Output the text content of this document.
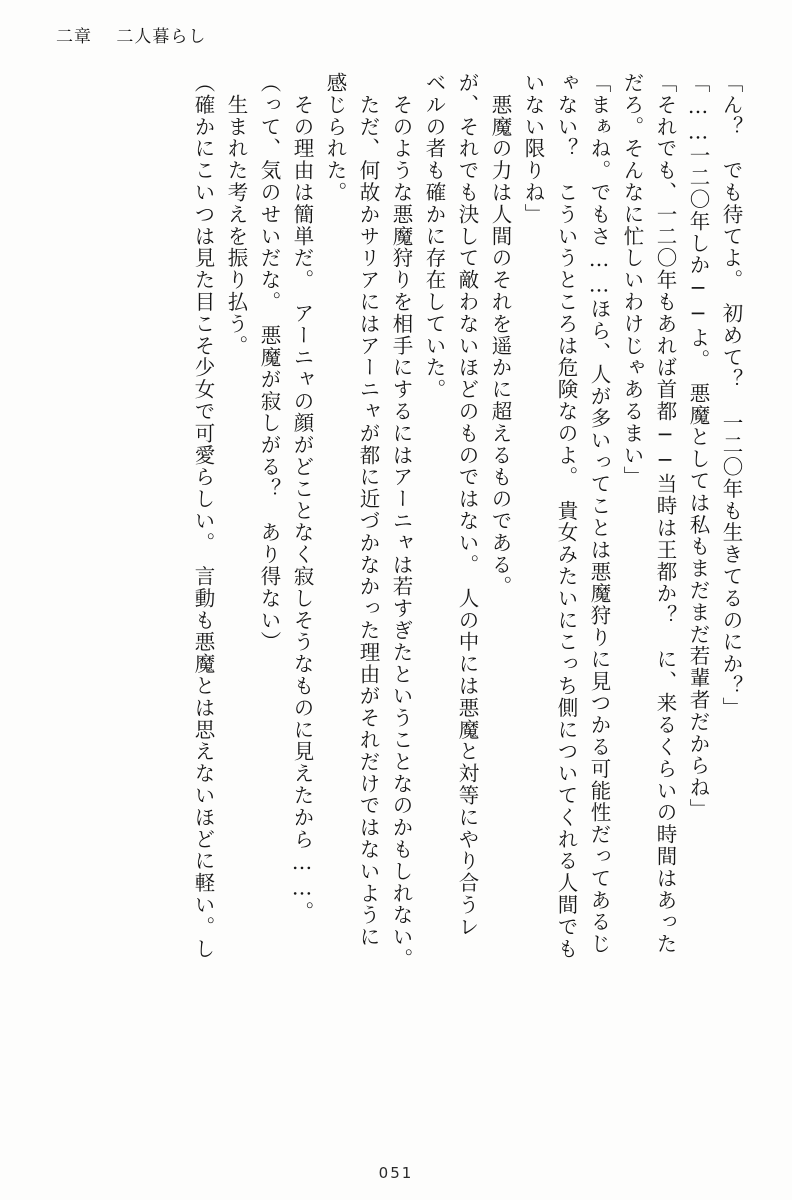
二章 二人暮らし
「ん？　でも待てよ。　初めて？　一二〇年も生きてるのにか？」
「……一二〇年しか──よ。　悪魔としては私もまだまだ若輩者だからね」
「それでも、一二〇年もあれば首都──当時は王都か？　に、来るくらいの時間はあった
だろ。そんなに忙しいわけじゃあるまい」
「まぁね。でもさ……ほら、人が多いってことは悪魔狩りに見つかる可能性だってあるじ
ゃない？　こういうところは危険なのよ。　貴女みたいにこっち側についてくれる人間でも
いない限りね」
　悪魔の力は人間のそれを遥かに超えるものである。
が、それでも決して敵わないほどのものではない。　人の中には悪魔と対等にやり合うレ
ベルの者も確かに存在していた。
　そのような悪魔狩りを相手にするにはアーニャは若すぎたということなのかもしれない。
　ただ、何故かサリアにはアーニャが都に近づかなかった理由がそれだけではないように
感じられた。
　その理由は簡単だ。　アーニャの顔がどことなく寂しそうなものに見えたから……。
（って、気のせいだな。　悪魔が寂しがる？　あり得ない）
　生まれた考えを振り払う。
（確かにこいつは見た目こそ少女で可愛らしい。　言動も悪魔とは思えないほどに軽い。し
051
